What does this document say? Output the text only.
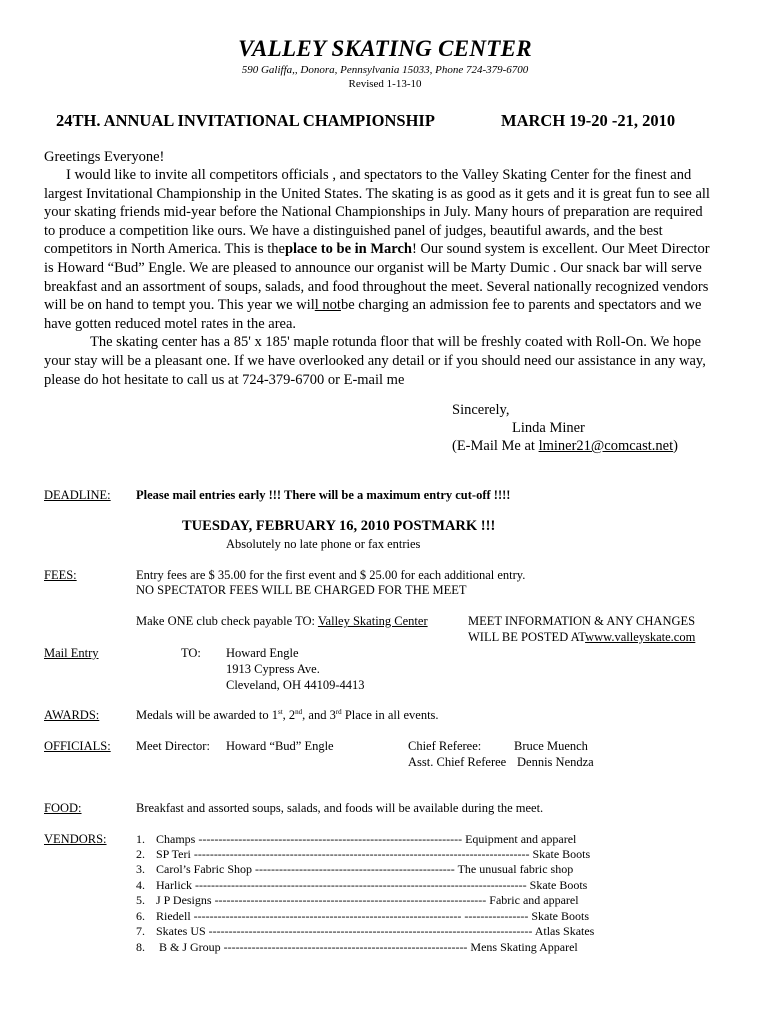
VALLEY SKATING CENTER
590 Galiffa,, Donora, Pennsylvania 15033, Phone 724-379-6700
Revised 1-13-10
24TH. ANNUAL INVITATIONAL CHAMPIONSHIP	MARCH 19-20 -21, 2010
Greetings Everyone!

I would like to invite all competitors officials , and spectators to the Valley Skating Center for the finest and largest Invitational Championship in the United States. The skating is as good as it gets and it is great fun to see all your skating friends mid-year before the National Championships in July. Many hours of preparation are required to produce a competition like ours. We have a distinguished panel of judges, beautiful awards, and the best competitors in North America. This is theplace to be in March! Our sound system is excellent. Our Meet Director is Howard “Bud” Engle. We are pleased to announce our organist will be Marty Dumic . Our snack bar will serve breakfast and an assortment of soups, salads, and food throughout the meet. Several nationally recognized vendors will be on hand to tempt you. This year we will notbe charging an admission fee to parents and spectators and we have gotten reduced motel rates in the area.

The skating center has a 85' x 185' maple rotunda floor that will be freshly coated with Roll-On. We hope your stay will be a pleasant one. If we have overlooked any detail or if you should need our assistance in any way, please do hot hesitate to call us at 724-379-6700 or E-mail me

Sincerely,
Linda Miner
(E-Mail Me at lminer21@comcast.net)
DEADLINE: Please mail entries early !!! There will be a maximum entry cut-off !!!!
TUESDAY, FEBRUARY 16, 2010 POSTMARK !!!
Absolutely no late phone or fax entries
FEES:	Entry fees are $ 35.00 for the first event and $ 25.00 for each additional entry.
NO SPECTATOR FEES WILL BE CHARGED FOR THE MEET
Make ONE club check payable TO: Valley Skating Center	MEET INFORMATION & ANY CHANGES
WILL BE POSTED ATwww.valleyskate.com
Mail Entry	TO: Howard Engle
1913 Cypress Ave.
Cleveland, OH 44109-4413
AWARDS:	Medals will be awarded to 1st, 2nd, and 3rd Place in all events.
OFFICIALS: Meet Director: Howard “Bud” Engle	Chief Referee:	Bruce Muench
Asst. Chief Referee Dennis Nendza
FOOD:	Breakfast and assorted soups, salads, and foods will be available during the meet.
VENDORS: 1. Champs ------------------------------------------------------------------ Equipment and apparel
2. SP Teri ------------------------------------------------------------------------------------ Skate Boots
3. Carol’s Fabric Shop -------------------------------------------------- The unusual fabric shop
4. Harlick ----------------------------------------------------------------------------------- Skate Boots
5. J P Designs -------------------------------------------------------------------- Fabric and apparel
6. Riedell ------------------------------------------------------------------- ---------------- Skate Boots
7. Skates US --------------------------------------------------------------------------------- Atlas Skates
8. B & J Group ------------------------------------------------------------- Mens Skating Apparel
